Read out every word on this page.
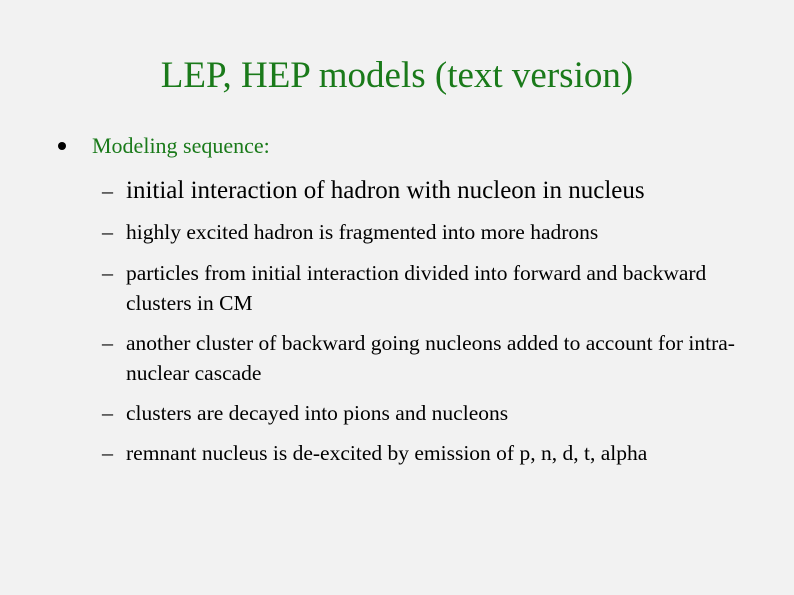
LEP, HEP models (text version)
Modeling sequence:
– initial interaction of hadron with nucleon in nucleus
– highly excited hadron is fragmented into more hadrons
– particles from initial interaction divided into forward and backward clusters in CM
– another cluster of backward going nucleons added to account for intra-nuclear cascade
– clusters are decayed into pions and nucleons
– remnant nucleus is de-excited by emission of p, n, d, t, alpha
